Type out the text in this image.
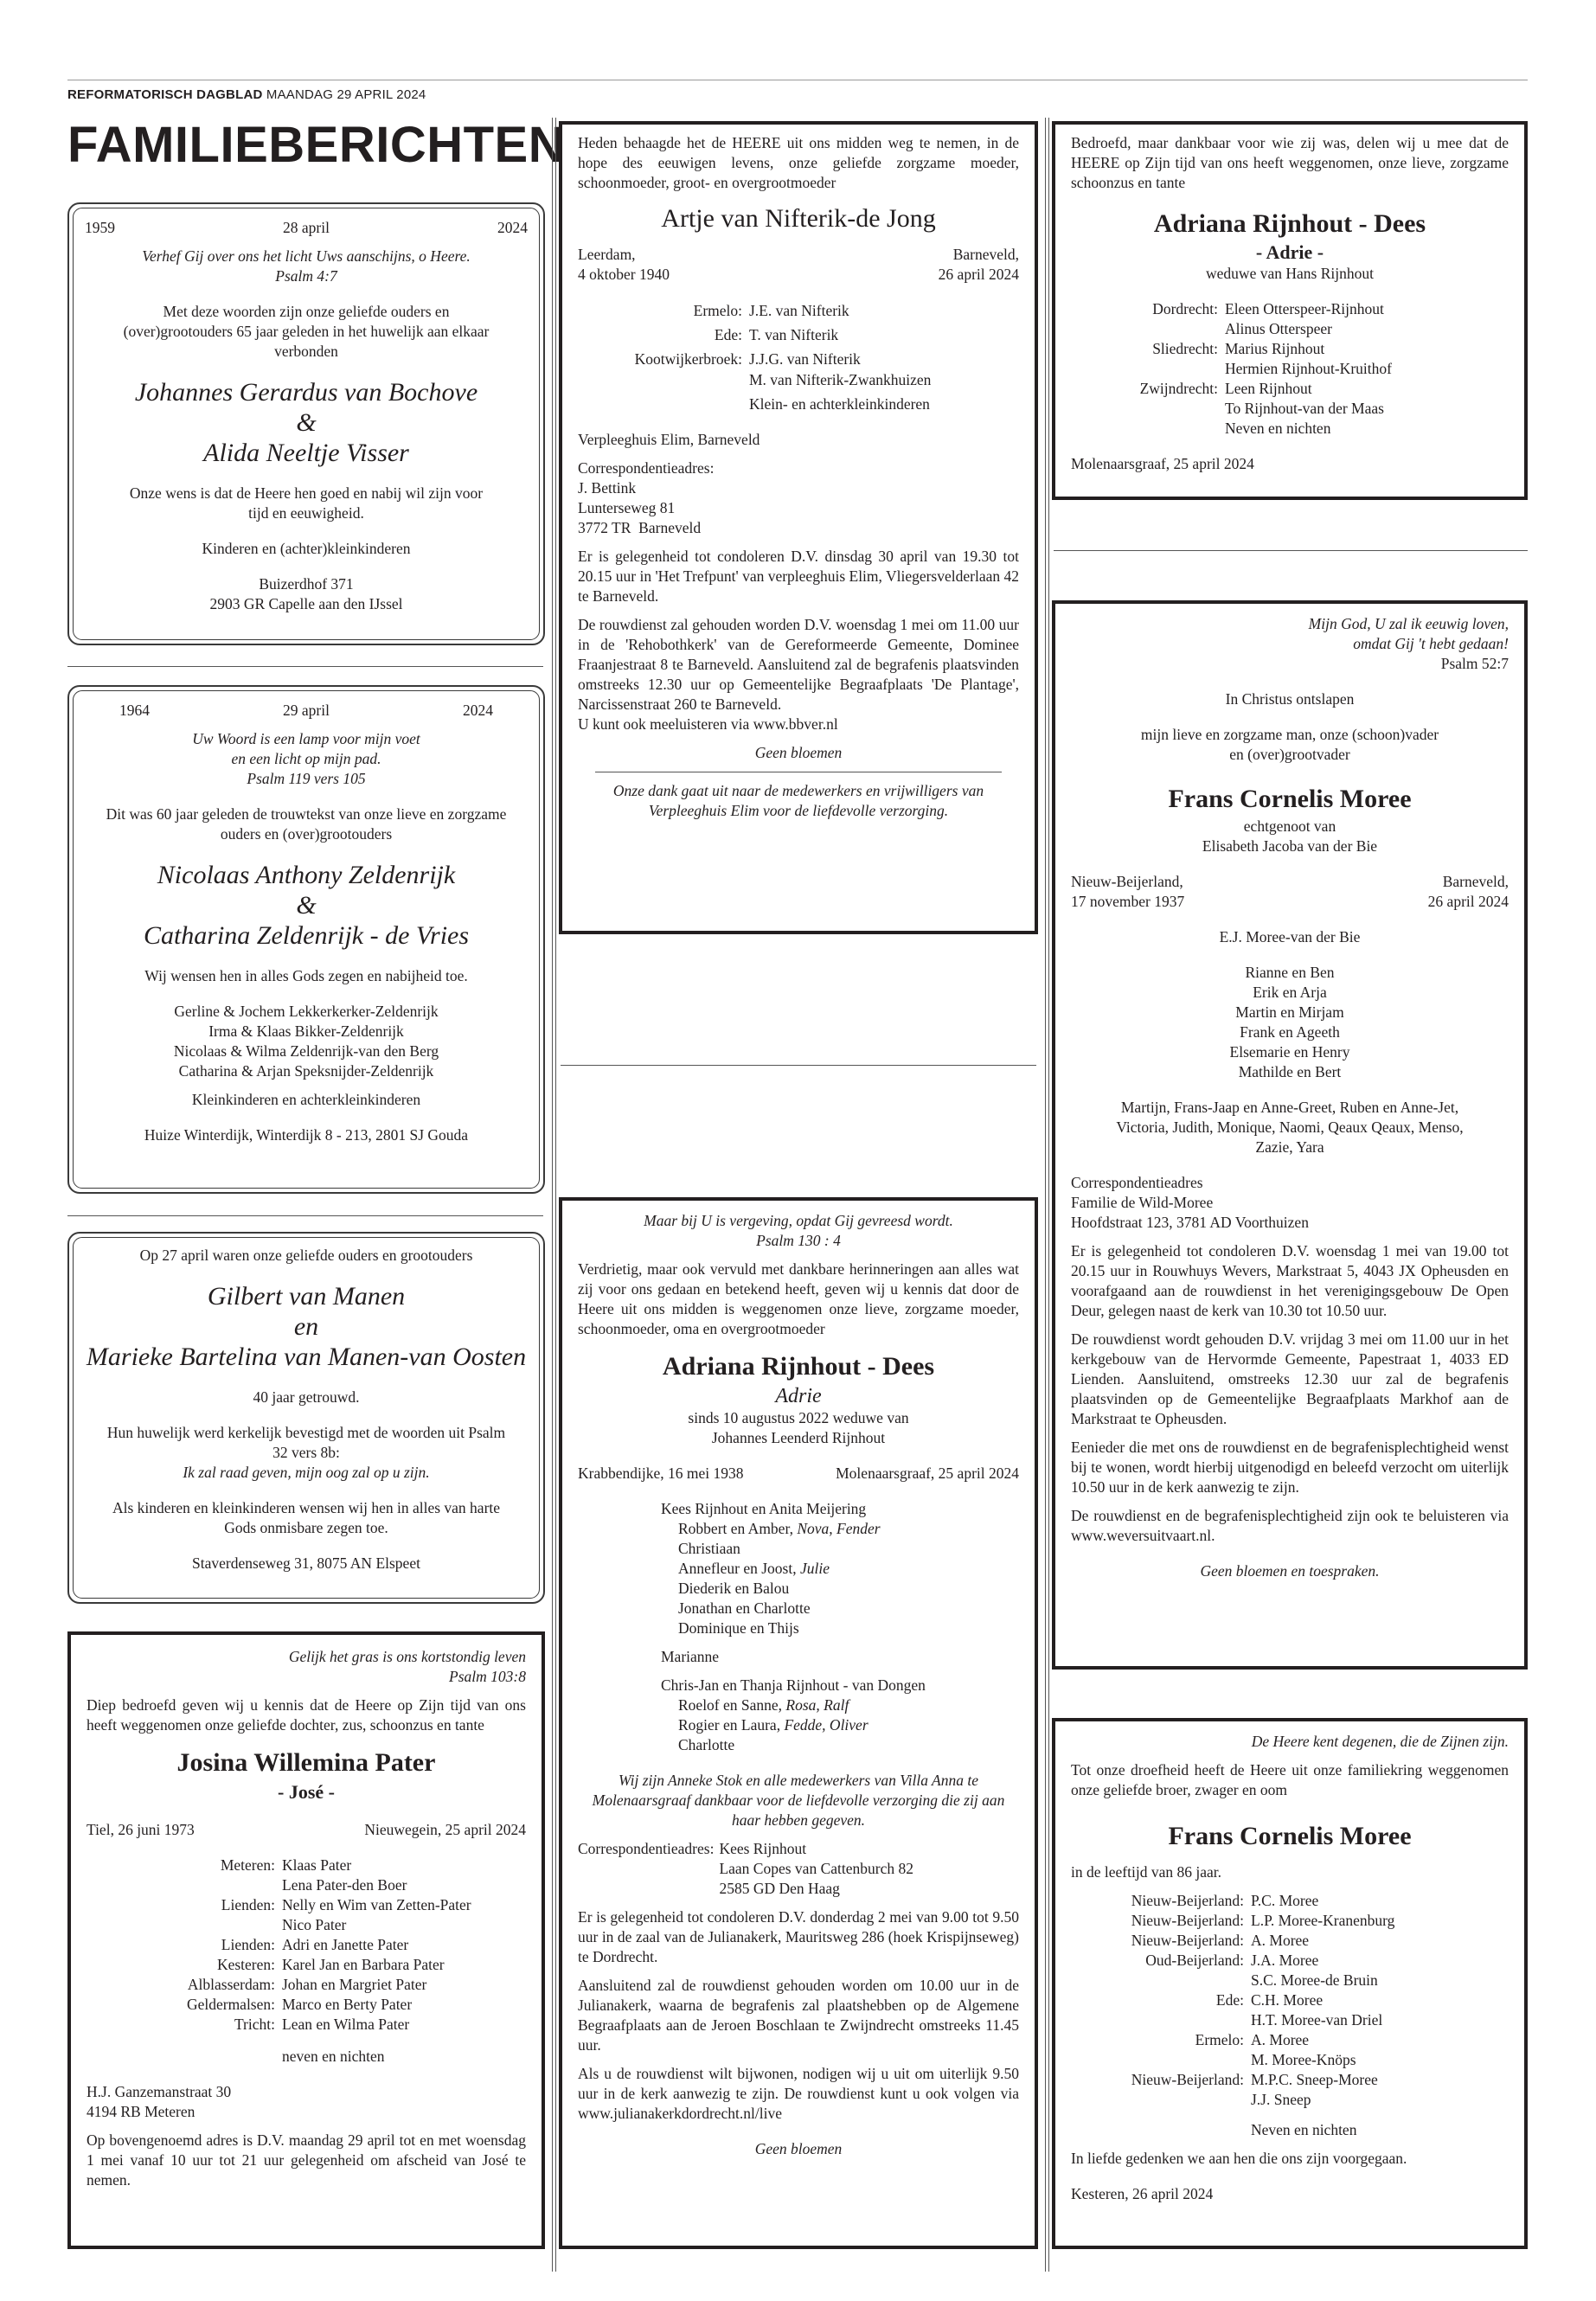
REFORMATORISCH DAGBLAD MAANDAG 29 APRIL 2024
FAMILIEBERICHTEN
1959	28 april	2024
Verhef Gij over ons het licht Uws aanschijns, o Heere.
Psalm 4:7
Met deze woorden zijn onze geliefde ouders en (over)grootouders 65 jaar geleden in het huwelijk aan elkaar verbonden
Johannes Gerardus van Bochove
&
Alida Neeltje Visser
Onze wens is dat de Heere hen goed en nabij wil zijn voor tijd en eeuwigheid.
Kinderen en (achter)kleinkinderen
Buizerdhof 371
2903 GR Capelle aan den IJssel
1964	29 april	2024
Uw Woord is een lamp voor mijn voet
en een licht op mijn pad.
Psalm 119 vers 105
Dit was 60 jaar geleden de trouwtekst van onze lieve en zorgzame ouders en (over)grootouders
Nicolaas Anthony Zeldenrijk
&
Catharina Zeldenrijk - de Vries
Wij wensen hen in alles Gods zegen en nabijheid toe.
Gerline & Jochem Lekkerkerker-Zeldenrijk
Irma & Klaas Bikker-Zeldenrijk
Nicolaas & Wilma Zeldenrijk-van den Berg
Catharina & Arjan Speksnijder-Zeldenrijk
Kleinkinderen en achterkleinkinderen
Huize Winterdijk, Winterdijk 8 - 213, 2801 SJ Gouda
Op 27 april waren onze geliefde ouders en grootouders
Gilbert van Manen
en
Marieke Bartelina van Manen-van Oosten
40 jaar getrouwd.
Hun huwelijk werd kerkelijk bevestigd met de woorden uit Psalm 32 vers 8b:
Ik zal raad geven, mijn oog zal op u zijn.
Als kinderen en kleinkinderen wensen wij hen in alles van harte Gods onmisbare zegen toe.
Staverdenseweg 31, 8075 AN Elspeet
Gelijk het gras is ons kortstondig leven
Psalm 103:8
Diep bedroefd geven wij u kennis dat de Heere op Zijn tijd van ons heeft weggenomen onze geliefde dochter, zus, schoonzus en tante
Josina Willemina Pater
- José -
Tiel, 26 juni 1973	Nieuwegein, 25 april 2024
Meteren:	Klaas Pater
Lena Pater-den Boer

Lienden:	Nelly en Wim van Zetten-Pater
Nico Pater

Lienden:	Adri en Janette Pater
Kesteren:	Karel Jan en Barbara Pater
Alblasserdam:	Johan en Margriet Pater
Geldermalsen:	Marco en Berty Pater
Tricht:	Lean en Wilma Pater
	neven en nichten
H.J. Ganzemanstraat 30
4194 RB Meteren
Op bovengenoemd adres is D.V. maandag 29 april tot en met woensdag 1 mei vanaf 10 uur tot 21 uur gelegenheid om afscheid van José te nemen.
Heden behaagde het de HEERE uit ons midden weg te nemen, in de hope des eeuwigen levens, onze geliefde zorgzame moeder, schoonmoeder, groot- en overgrootmoeder
Artje van Nifterik-de Jong
Leerdam,
4 oktober 1940
Barneveld,
26 april 2024
Ermelo:	J.E. van Nifterik
Ede:	T. van Nifterik
Kootwijkerbroek:	J.J.G. van Nifterik
M. van Nifterik-Zwankhuizen

	Klein- en achterkleinkinderen
Verpleeghuis Elim, Barneveld
Correspondentieadres:
J. Bettink
Lunterseweg 81
3772 TR  Barneveld
Er is gelegenheid tot condoleren D.V. dinsdag 30 april van 19.30 tot 20.15 uur in 'Het Trefpunt' van verpleeghuis Elim, Vliegersvelderlaan 42 te Barneveld.
De rouwdienst zal gehouden worden D.V. woensdag 1 mei om 11.00 uur in de 'Rehobothkerk' van de Gereformeerde Gemeente, Dominee Fraanjestraat 8 te Barneveld. Aansluitend zal de begrafenis plaatsvinden omstreeks 12.30 uur op Gemeentelijke Begraafplaats 'De Plantage', Narcissenstraat 260 te Barneveld.
U kunt ook meeluisteren via www.bbver.nl
Geen bloemen
Onze dank gaat uit naar de medewerkers en vrijwilligers van Verpleeghuis Elim voor de liefdevolle verzorging.
Maar bij U is vergeving, opdat Gij gevreesd wordt.
Psalm 130 : 4
Verdrietig, maar ook vervuld met dankbare herinneringen aan alles wat zij voor ons gedaan en betekend heeft, geven wij u kennis dat door de Heere uit ons midden is weggenomen onze lieve, zorgzame moeder, schoonmoeder, oma en overgrootmoeder
Adriana Rijnhout - Dees
Adrie
sinds 10 augustus 2022 weduwe van
Johannes Leenderd Rijnhout
Krabbendijke, 16 mei 1938	Molenaarsgraaf, 25 april 2024
Kees Rijnhout en Anita Meijering
Robbert en Amber, Nova, Fender
Christiaan
Annefleur en Joost, Julie
Diederik en Balou
Jonathan en Charlotte
Dominique en Thijs
Marianne
Chris-Jan en Thanja Rijnhout - van Dongen
Roelof en Sanne, Rosa, Ralf
Rogier en Laura, Fedde, Oliver
Charlotte
Wij zijn Anneke Stok en alle medewerkers van Villa Anna te Molenaarsgraaf dankbaar voor de liefdevolle verzorging die zij aan haar hebben gegeven.
Correspondentieadres:	Kees Rijnhout
	Laan Copes van Cattenburch 82
	2585 GD Den Haag
Er is gelegenheid tot condoleren D.V. donderdag 2 mei van 9.00 tot 9.50 uur in de zaal van de Julianakerk, Mauritsweg 286 (hoek Krispijnseweg) te Dordrecht.
Aansluitend zal de rouwdienst gehouden worden om 10.00 uur in de Julianakerk, waarna de begrafenis zal plaatshebben op de Algemene Begraafplaats aan de Jeroen Boschlaan te Zwijndrecht omstreeks 11.45 uur.
Als u de rouwdienst wilt bijwonen, nodigen wij u uit om uiterlijk 9.50 uur in de kerk aanwezig te zijn. De rouwdienst kunt u ook volgen via www.julianakerkdordrecht.nl/live
Geen bloemen
Bedroefd, maar dankbaar voor wie zij was, delen wij u mee dat de HEERE op Zijn tijd van ons heeft weggenomen, onze lieve, zorgzame schoonzus en tante
Adriana Rijnhout - Dees
- Adrie -
weduwe van Hans Rijnhout
Dordrecht:	Eleen Otterspeer-Rijnhout
Alinus Otterspeer

Sliedrecht:	Marius Rijnhout
Hermien Rijnhout-Kruithof

Zwijndrecht:	Leen Rijnhout
To Rijnhout-van der Maas
Neven en nichten
Molenaarsgraaf, 25 april 2024
Mijn God, U zal ik eeuwig loven,
omdat Gij 't hebt gedaan!
Psalm 52:7
In Christus ontslapen
mijn lieve en zorgzame man, onze (schoon)vader en (over)grootvader
Frans Cornelis Moree
echtgenoot van
Elisabeth Jacoba van der Bie
Nieuw-Beijerland,
17 november 1937
Barneveld,
26 april 2024
E.J. Moree-van der Bie
Rianne en Ben
Erik en Arja
Martin en Mirjam
Frank en Ageeth
Elsemarie en Henry
Mathilde en Bert
Martijn, Frans-Jaap en Anne-Greet, Ruben en Anne-Jet, Victoria, Judith, Monique, Naomi, Qeaux Qeaux, Menso, Zazie, Yara
Correspondentieadres
Familie de Wild-Moree
Hoofdstraat 123, 3781 AD Voorthuizen
Er is gelegenheid tot condoleren D.V. woensdag 1 mei van 19.00 tot 20.15 uur in Rouwhuys Wevers, Markstraat 5, 4043 JX Opheusden en voorafgaand aan de rouwdienst in het verenigingsgebouw De Open Deur, gelegen naast de kerk van 10.30 tot 10.50 uur.
De rouwdienst wordt gehouden D.V. vrijdag 3 mei om 11.00 uur in het kerkgebouw van de Hervormde Gemeente, Papestraat 1, 4033 ED Lienden. Aansluitend, omstreeks 12.30 uur zal de begrafenis plaatsvinden op de Gemeentelijke Begraafplaats Markhof aan de Markstraat te Opheusden.
Eenieder die met ons de rouwdienst en de begrafenisplechtigheid wenst bij te wonen, wordt hierbij uitgenodigd en beleefd verzocht om uiterlijk 10.50 uur in de kerk aanwezig te zijn.
De rouwdienst en de begrafenisplechtigheid zijn ook te beluisteren via www.weversuitvaart.nl.
Geen bloemen en toespraken.
De Heere kent degenen, die de Zijnen zijn.
Tot onze droefheid heeft de Heere uit onze familiekring weggenomen onze geliefde broer, zwager en oom
Frans Cornelis Moree
in de leeftijd van 86 jaar.
Nieuw-Beijerland:	P.C. Moree
Nieuw-Beijerland:	L.P. Moree-Kranenburg
Nieuw-Beijerland:	A. Moree
Oud-Beijerland:	J.A. Moree
S.C. Moree-de Bruin

Ede:	C.H. Moree
H.T. Moree-van Driel

Ermelo:	A. Moree
M. Moree-Knöps

Nieuw-Beijerland:	M.P.C. Sneep-Moree
J.J. Sneep

	Neven en nichten
In liefde gedenken we aan hen die ons zijn voorgegaan.
Kesteren, 26 april 2024
